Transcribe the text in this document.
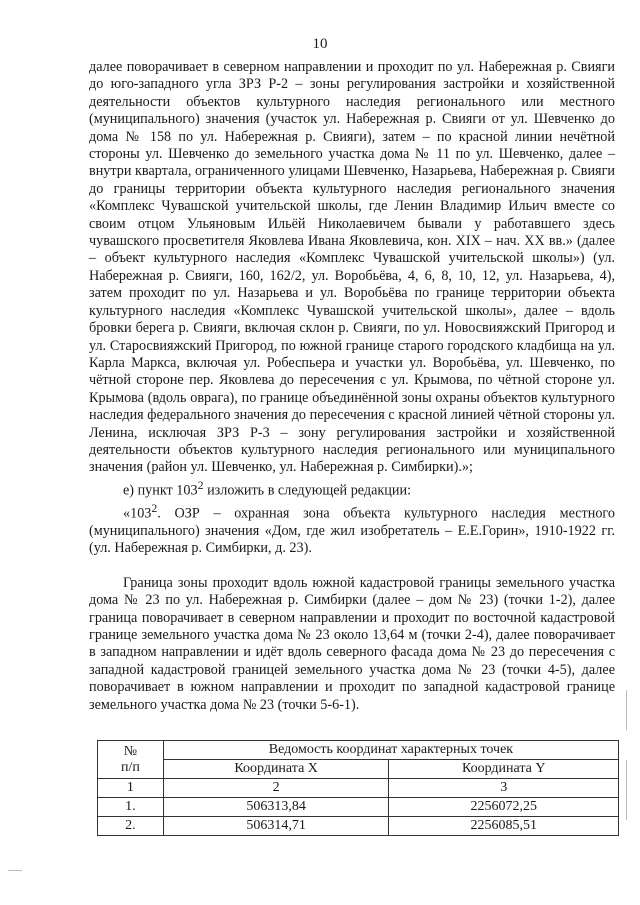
10

далее поворачивает в северном направлении и проходит по ул. Набережная р. Свияги до юго-западного угла ЗРЗ Р-2 – зоны регулирования застройки и хозяйственной деятельности объектов культурного наследия регионального или местного (муниципального) значения (участок ул. Набережная р. Свияги от ул. Шевченко до дома № 158 по ул. Набережная р. Свияги), затем – по красной линии нечётной стороны ул. Шевченко до земельного участка дома № 11 по ул. Шевченко, далее – внутри квартала, ограниченного улицами Шевченко, Назарьева, Набережная р. Свияги до границы территории объекта культурного наследия регионального значения «Комплекс Чувашской учительской школы, где Ленин Владимир Ильич вместе со своим отцом Ульяновым Ильёй Николаевичем бывали у работавшего здесь чувашского просветителя Яковлева Ивана Яковлевича, кон. XIX – нач. XX вв.» (далее – объект культурного наследия «Комплекс Чувашской учительской школы») (ул. Набережная р. Свияги, 160, 162/2, ул. Воробьёва, 4, 6, 8, 10, 12, ул. Назарьева, 4), затем проходит по ул. Назарьева и ул. Воробьёва по границе территории объекта культурного наследия «Комплекс Чувашской учительской школы», далее – вдоль бровки берега р. Свияги, включая склон р. Свияги, по ул. Новосвияжский Пригород и ул. Старосвияжский Пригород, по южной границе старого городского кладбища на ул. Карла Маркса, включая ул. Робеспьера и участки ул. Воробьёва, ул. Шевченко, по чётной стороне пер. Яковлева до пересечения с ул. Крымова, по чётной стороне ул. Крымова (вдоль оврага), по границе объединённой зоны охраны объектов культурного наследия федерального значения до пересечения с красной линией чётной стороны ул. Ленина, исключая ЗРЗ Р-3 – зону регулирования застройки и хозяйственной деятельности объектов культурного наследия регионального или муниципального значения (район ул. Шевченко, ул. Набережная р. Симбирки).»;

е) пункт $103^2$ изложить в следующей редакции:

«$103^2$. ОЗР – охранная зона объекта культурного наследия местного (муниципального) значения «Дом, где жил изобретатель – Е.Е.Горин», 1910-1922 гг. (ул. Набережная р. Симбирки, д. 23).

Граница зоны проходит вдоль южной кадастровой границы земельного участка дома № 23 по ул. Набережная р. Симбирки (далее – дом № 23) (точки 1-2), далее граница поворачивает в северном направлении и проходит по восточной кадастровой границе земельного участка дома № 23 около 13,64 м (точки 2-4), далее поворачивает в западном направлении и идёт вдоль северного фасада дома № 23 до пересечения с западной кадастровой границей земельного участка дома № 23 (точки 4-5), далее поворачивает в южном направлении и проходит по западной кадастровой границе земельного участка дома № 23 (точки 5-6-1).

№
п/п	Ведомость координат характерных точек	
	Координата X	Координата Y
1	2	3
1.	506313,84	2256072,25
2.	506314,71	2256085,51
